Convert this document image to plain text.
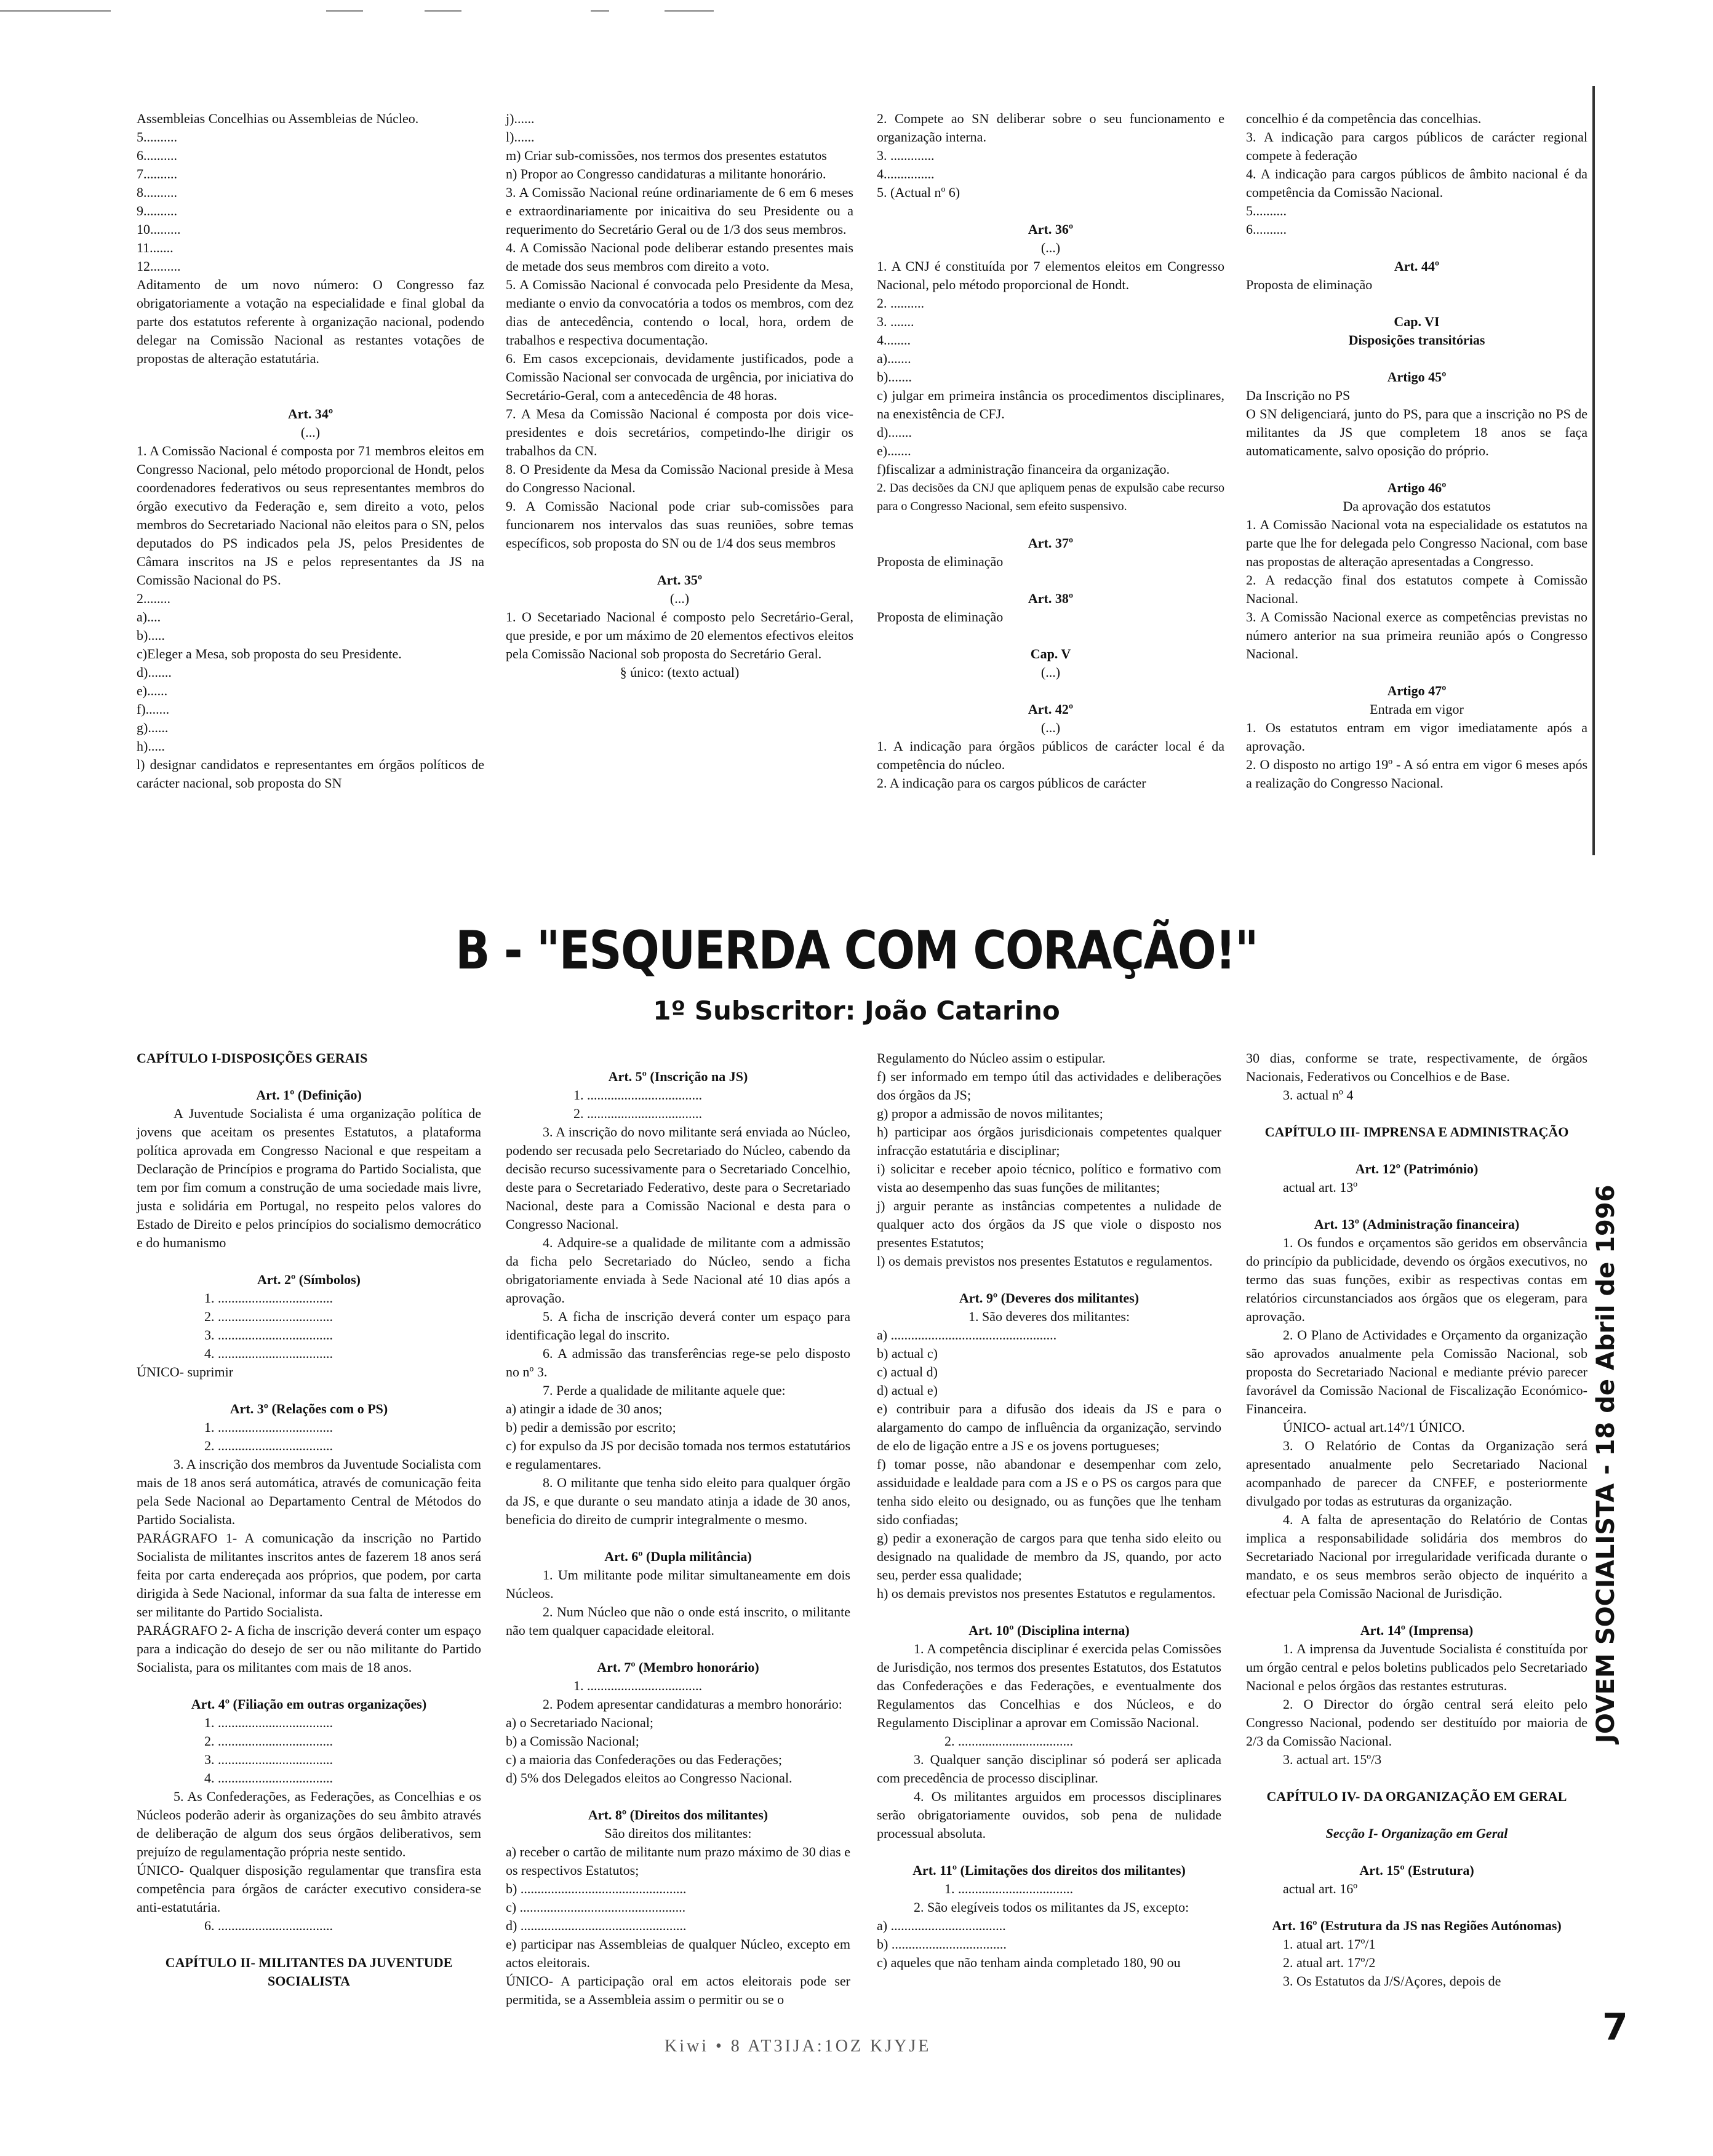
Assembleias Concelhias ou Assembleias de Núcleo.

5..........

6..........

7..........

8..........

9..........

10.........

11.......

12.........

Aditamento de um novo número: O Congresso faz obrigatoriamente a votação na especialidade e final global da parte dos estatutos referente à organização nacional, podendo delegar na Comissão Nacional as restantes votações de propostas de alteração estatutária.

Art. 34º

(...)

1. A Comissão Nacional é composta por 71 membros eleitos em Congresso Nacional, pelo método proporcional de Hondt, pelos coordenadores federativos ou seus representantes membros do órgão executivo da Federação e, sem direito a voto, pelos membros do Secretariado Nacional não eleitos para o SN, pelos deputados do PS indicados pela JS, pelos Presidentes de Câmara inscritos na JS e pelos representantes da JS na Comissão Nacional do PS.

2........

a)....

b).....

c)Eleger a Mesa, sob proposta do seu Presidente.

d).......

e)......

f).......

g)......

h).....

l) designar candidatos e representantes em órgãos políticos de carácter nacional, sob proposta do SN

j)......

l)......

m) Criar sub-comissões, nos termos dos presentes estatutos

n) Propor ao Congresso candidaturas a militante honorário.

3. A Comissão Nacional reúne ordinariamente de 6 em 6 meses e extraordinariamente por inicaitiva do seu Presidente ou a requerimento do Secretário Geral ou de 1/3 dos seus membros.

4. A Comissão Nacional pode deliberar estando presentes mais de metade dos seus membros com direito a voto.

5. A Comissão Nacional é convocada pelo Presidente da Mesa, mediante o envio da convocatória a todos os membros, com dez dias de antecedência, contendo o local, hora, ordem de trabalhos e respectiva documentação.

6. Em casos excepcionais, devidamente justificados, pode a Comissão Nacional ser convocada de urgência, por iniciativa do Secretário-Geral, com a antecedência de 48 horas.

7. A Mesa da Comissão Nacional é composta por dois vice-presidentes e dois secretários, competindo-lhe dirigir os trabalhos da CN.

8. O Presidente da Mesa da Comissão Nacional preside à Mesa do Congresso Nacional.

9. A Comissão Nacional pode criar sub-comissões para funcionarem nos intervalos das suas reuniões, sobre temas específicos, sob proposta do SN ou de 1/4 dos seus membros

Art. 35º

(...)

1. O Secetariado Nacional é composto pelo Secretário-Geral, que preside, e por um máximo de 20 elementos efectivos eleitos pela Comissão Nacional sob proposta do Secretário Geral.

§ único: (texto actual)

2. Compete ao SN deliberar sobre o seu funcionamento e organização interna.

3. .............

4...............

5. (Actual nº 6)

Art. 36º

(...)

1. A CNJ é constituída por 7 elementos eleitos em Congresso Nacional, pelo método proporcional de Hondt.

2. ..........

3. .......

4........

a).......

b).......

c) julgar em primeira instância os procedimentos disciplinares, na enexistência de CFJ.

d).......

e).......

f)fiscalizar a administração financeira da organização.

2. Das decisões da CNJ que apliquem penas de expulsão cabe recurso para o Congresso Nacional, sem efeito suspensivo.

Art. 37º

Proposta de eliminação

Art. 38º

Proposta de eliminação

Cap. V

(...)

Art. 42º

(...)

1. A indicação para órgãos públicos de carácter local é da competência do núcleo.

2. A indicação para os cargos públicos de carácter

concelhio é da competência das concelhias.

3. A indicação para cargos públicos de carácter regional compete à federação

4. A indicação para cargos públicos de âmbito nacional é da competência da Comissão Nacional.

5..........

6..........

Art. 44º

Proposta de eliminação

Cap. VI

Disposições transitórias

Artigo 45º

Da Inscrição no PS

O SN deligenciará, junto do PS, para que a inscrição no PS de militantes da JS que completem 18 anos se faça automaticamente, salvo oposição do próprio.

Artigo 46º

Da aprovação dos estatutos

1. A Comissão Nacional vota na especialidade os estatutos na parte que lhe for delegada pelo Congresso Nacional, com base nas propostas de alteração apresentadas a Congresso.

2. A redacção final dos estatutos compete à Comissão Nacional.

3. A Comissão Nacional exerce as competências previstas no número anterior na sua primeira reunião após o Congresso Nacional.

Artigo 47º

Entrada em vigor

1. Os estatutos entram em vigor imediatamente após a aprovação.

2. O disposto no artigo 19º - A só entra em vigor 6 meses após a realização do Congresso Nacional.

B - "ESQUERDA COM CORAÇÃO!"
1º Subscritor: João Catarino

CAPÍTULO I-DISPOSIÇÕES GERAIS

Art. 1º (Definição)

A Juventude Socialista é uma organização política de jovens que aceitam os presentes Estatutos, a plataforma política aprovada em Congresso Nacional e que respeitam a Declaração de Princípios e programa do Partido Socialista, que tem por fim comum a construção de uma sociedade mais livre, justa e solidária em Portugal, no respeito pelos valores do Estado de Direito e pelos princípios do socialismo democrático e do humanismo

Art. 2º (Símbolos)

1. ..................................

2. ..................................

3. ..................................

4. ..................................

ÚNICO- suprimir

Art. 3º (Relações com o PS)

1. ..................................

2. ..................................

3. A inscrição dos membros da Juventude Socialista com mais de 18 anos será automática, através de comunicação feita pela Sede Nacional ao Departamento Central de Métodos do Partido Socialista.

PARÁGRAFO 1- A comunicação da inscrição no Partido Socialista de militantes inscritos antes de fazerem 18 anos será feita por carta endereçada aos próprios, que podem, por carta dirigida à Sede Nacional, informar da sua falta de interesse em ser militante do Partido Socialista.

PARÁGRAFO 2- A ficha de inscrição deverá conter um espaço para a indicação do desejo de ser ou não militante do Partido Socialista, para os militantes com mais de 18 anos.

Art. 4º (Filiação em outras organizações)

1. ..................................

2. ..................................

3. ..................................

4. ..................................

5. As Confederações, as Federações, as Concelhias e os Núcleos poderão aderir às organizações do seu âmbito através de deliberação de algum dos seus órgãos deliberativos, sem prejuízo de regulamentação própria neste sentido.

ÚNICO- Qualquer disposição regulamentar que transfira esta competência para órgãos de carácter executivo considera-se anti-estatutária.

6. ..................................

CAPÍTULO II- MILITANTES DA JUVENTUDE SOCIALISTA

Art. 5º (Inscrição na JS)

1. ..................................

2. ..................................

3. A inscrição do novo militante será enviada ao Núcleo, podendo ser recusada pelo Secretariado do Núcleo, cabendo da decisão recurso sucessivamente para o Secretariado Concelhio, deste para o Secretariado Federativo, deste para o Secretariado Nacional, deste para a Comissão Nacional e desta para o Congresso Nacional.

4. Adquire-se a qualidade de militante com a admissão da ficha pelo Secretariado do Núcleo, sendo a ficha obrigatoriamente enviada à Sede Nacional até 10 dias após a aprovação.

5. A ficha de inscrição deverá conter um espaço para identificação legal do inscrito.

6. A admissão das transferências rege-se pelo disposto no nº 3.

7. Perde a qualidade de militante aquele que:

a) atingir a idade de 30 anos;

b) pedir a demissão por escrito;

c) for expulso da JS por decisão tomada nos termos estatutários e regulamentares.

8. O militante que tenha sido eleito para qualquer órgão da JS, e que durante o seu mandato atinja a idade de 30 anos, beneficia do direito de cumprir integralmente o mesmo.

Art. 6º (Dupla militância)

1. Um militante pode militar simultaneamente em dois Núcleos.

2. Num Núcleo que não o onde está inscrito, o militante não tem qualquer capacidade eleitoral.

Art. 7º (Membro honorário)

1. ..................................

2. Podem apresentar candidaturas a membro honorário:

a) o Secretariado Nacional;

b) a Comissão Nacional;

c) a maioria das Confederações ou das Federações;

d) 5% dos Delegados eleitos ao Congresso Nacional.

Art. 8º (Direitos dos militantes)

São direitos dos militantes:

a) receber o cartão de militante num prazo máximo de 30 dias e os respectivos Estatutos;

b) .................................................

c) .................................................

d) .................................................

e) participar nas Assembleias de qualquer Núcleo, excepto em actos eleitorais.

ÚNICO- A participação oral em actos eleitorais pode ser permitida, se a Assembleia assim o permitir ou se o

Regulamento do Núcleo assim o estipular.

f) ser informado em tempo útil das actividades e deliberações dos órgãos da JS;

g) propor a admissão de novos militantes;

h) participar aos órgãos jurisdicionais competentes qualquer infracção estatutária e disciplinar;

i) solicitar e receber apoio técnico, político e formativo com vista ao desempenho das suas funções de militantes;

j) arguir perante as instâncias competentes a nulidade de qualquer acto dos órgãos da JS que viole o disposto nos presentes Estatutos;

l) os demais previstos nos presentes Estatutos e regulamentos.

Art. 9º (Deveres dos militantes)

1. São deveres dos militantes:

a) .................................................

b) actual c)

c) actual d)

d) actual e)

e) contribuir para a difusão dos ideais da JS e para o alargamento do campo de influência da organização, servindo de elo de ligação entre a JS e os jovens portugueses;

f) tomar posse, não abandonar e desempenhar com zelo, assiduidade e lealdade para com a JS e o PS os cargos para que tenha sido eleito ou designado, ou as funções que lhe tenham sido confiadas;

g) pedir a exoneração de cargos para que tenha sido eleito ou designado na qualidade de membro da JS, quando, por acto seu, perder essa qualidade;

h) os demais previstos nos presentes Estatutos e regulamentos.

Art. 10º (Disciplina interna)

1. A competência disciplinar é exercida pelas Comissões de Jurisdição, nos termos dos presentes Estatutos, dos Estatutos das Confederações e das Federações, e eventualmente dos Regulamentos das Concelhias e dos Núcleos, e do Regulamento Disciplinar a aprovar em Comissão Nacional.

2. ..................................

3. Qualquer sanção disciplinar só poderá ser aplicada com precedência de processo disciplinar.

4. Os militantes arguidos em processos disciplinares serão obrigatoriamente ouvidos, sob pena de nulidade processual absoluta.

Art. 11º (Limitações dos direitos dos militantes)

1. ..................................

2. São elegíveis todos os militantes da JS, excepto:

a) ..................................

b) ..................................

c) aqueles que não tenham ainda completado 180, 90 ou

30 dias, conforme se trate, respectivamente, de órgãos Nacionais, Federativos ou Concelhios e de Base.

3. actual nº 4

CAPÍTULO III- IMPRENSA E ADMINISTRAÇÃO

Art. 12º (Património)

actual art. 13º

Art. 13º (Administração financeira)

1. Os fundos e orçamentos são geridos em observância do princípio da publicidade, devendo os órgãos executivos, no termo das suas funções, exibir as respectivas contas em relatórios circunstanciados aos órgãos que os elegeram, para aprovação.

2. O Plano de Actividades e Orçamento da organização são aprovados anualmente pela Comissão Nacional, sob proposta do Secretariado Nacional e mediante prévio parecer favorável da Comissão Nacional de Fiscalização Económico- Financeira.

ÚNICO- actual art.14º/1 ÚNICO.

3. O Relatório de Contas da Organização será apresentado anualmente pelo Secretariado Nacional acompanhado de parecer da CNFEF, e posteriormente divulgado por todas as estruturas da organização.

4. A falta de apresentação do Relatório de Contas implica a responsabilidade solidária dos membros do Secretariado Nacional por irregularidade verificada durante o mandato, e os seus membros serão objecto de inquérito a efectuar pela Comissão Nacional de Jurisdição.

Art. 14º (Imprensa)

1. A imprensa da Juventude Socialista é constituída por um órgão central e pelos boletins publicados pelo Secretariado Nacional e pelos órgãos das restantes estruturas.

2. O Director do órgão central será eleito pelo Congresso Nacional, podendo ser destituído por maioria de 2/3 da Comissão Nacional.

3. actual art. 15º/3

CAPÍTULO IV- DA ORGANIZAÇÃO EM GERAL

Secção I- Organização em Geral

Art. 15º (Estrutura)

actual art. 16º

Art. 16º (Estrutura da JS nas Regiões Autónomas)

1. atual art. 17º/1

2. atual art. 17º/2

3. Os Estatutos da J/S/Açores, depois de

JOVEM SOCIALISTA - 18 de Abril de 1996
7
Kiwi • 8 AT3IJA:1OZ KJYJE
